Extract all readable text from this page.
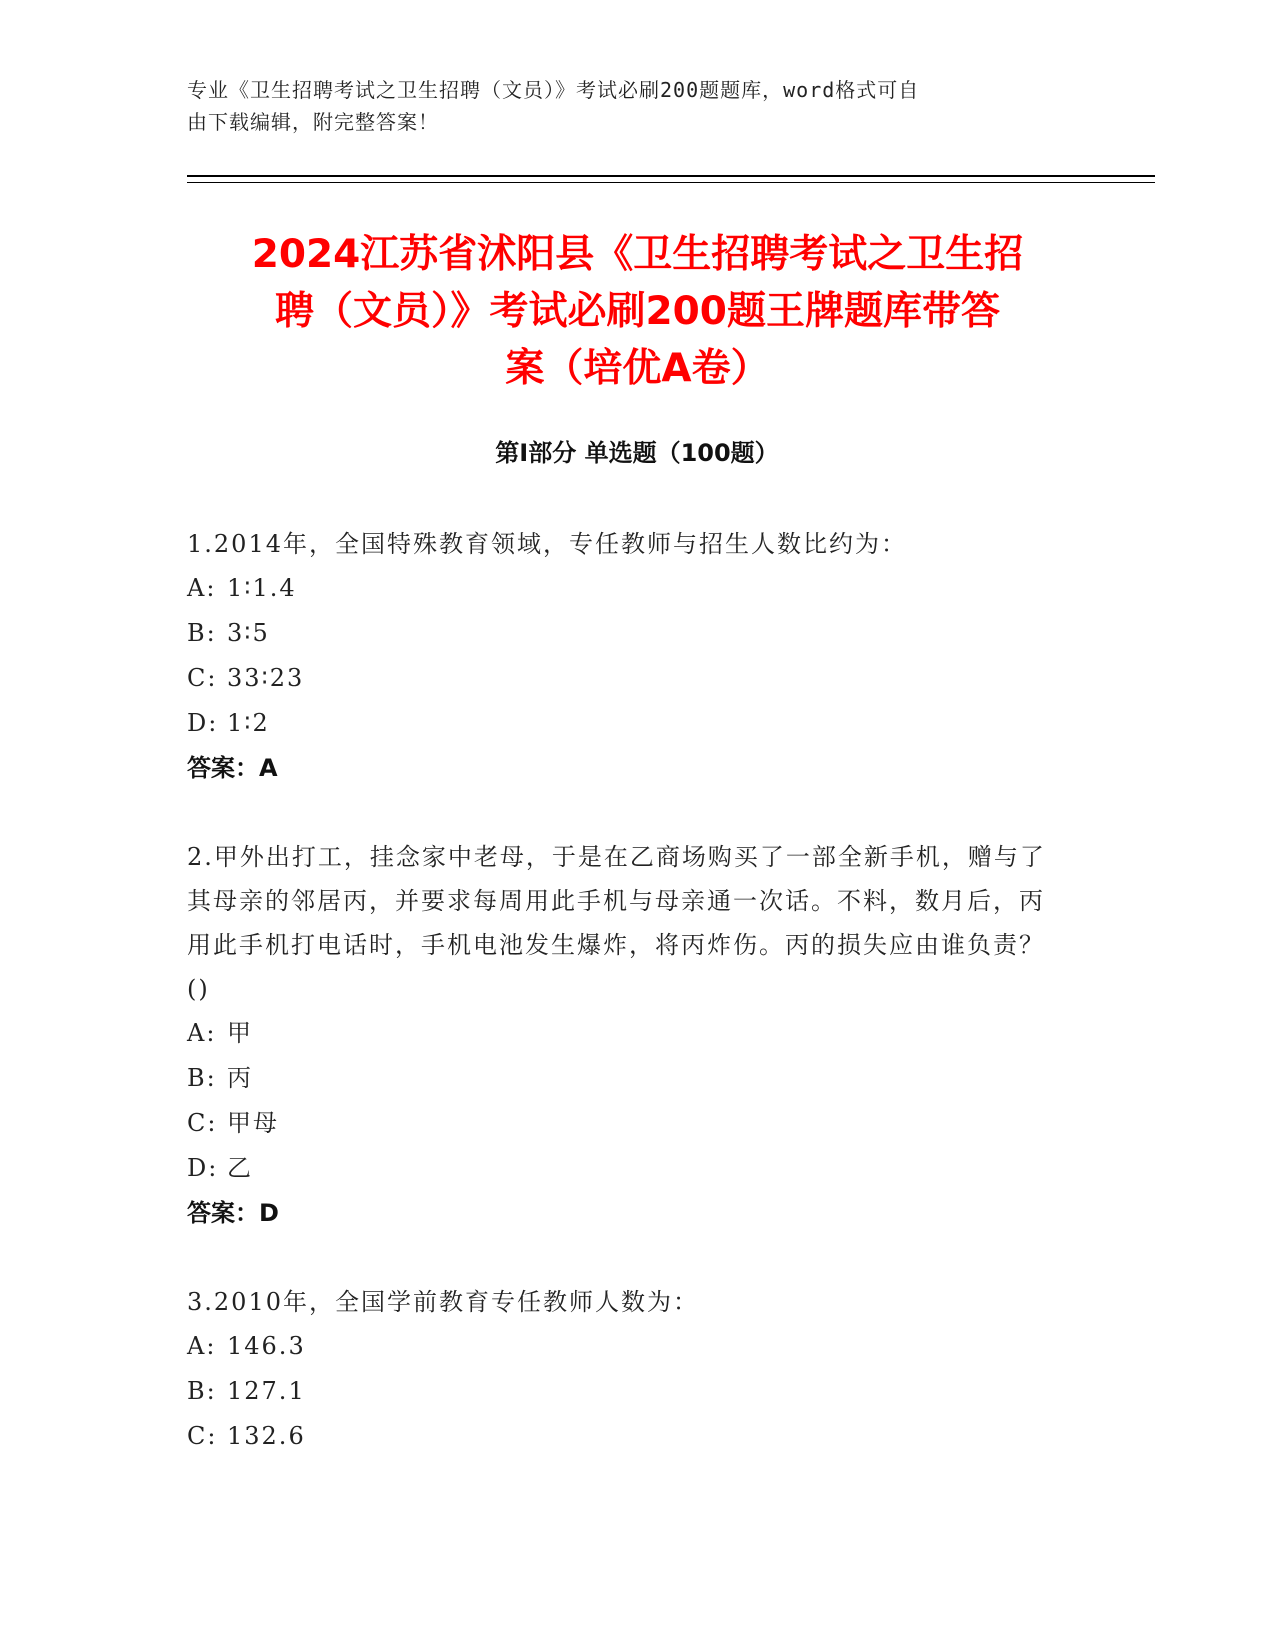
专业《卫生招聘考试之卫生招聘（文员）》考试必刷200题题库，word格式可自
由下载编辑，附完整答案！
2024江苏省沭阳县《卫生招聘考试之卫生招
聘（文员）》考试必刷200题王牌题库带答
案（培优A卷）
第Ⅰ部分 单选题（100题）

1.2014年，全国特殊教育领域，专任教师与招生人数比约为：

A: 1∶1.4

B: 3∶5

C: 33∶23

D: 1∶2

答案：A

2.甲外出打工，挂念家中老母，于是在乙商场购买了一部全新手机，赠与了其母亲的邻居丙，并要求每周用此手机与母亲通一次话。不料，数月后，丙用此手机打电话时，手机电池发生爆炸，将丙炸伤。丙的损失应由谁负责？()

A: 甲

B: 丙

C: 甲母

D: 乙

答案：D

3.2010年，全国学前教育专任教师人数为：

A: 146.3

B: 127.1

C: 132.6
